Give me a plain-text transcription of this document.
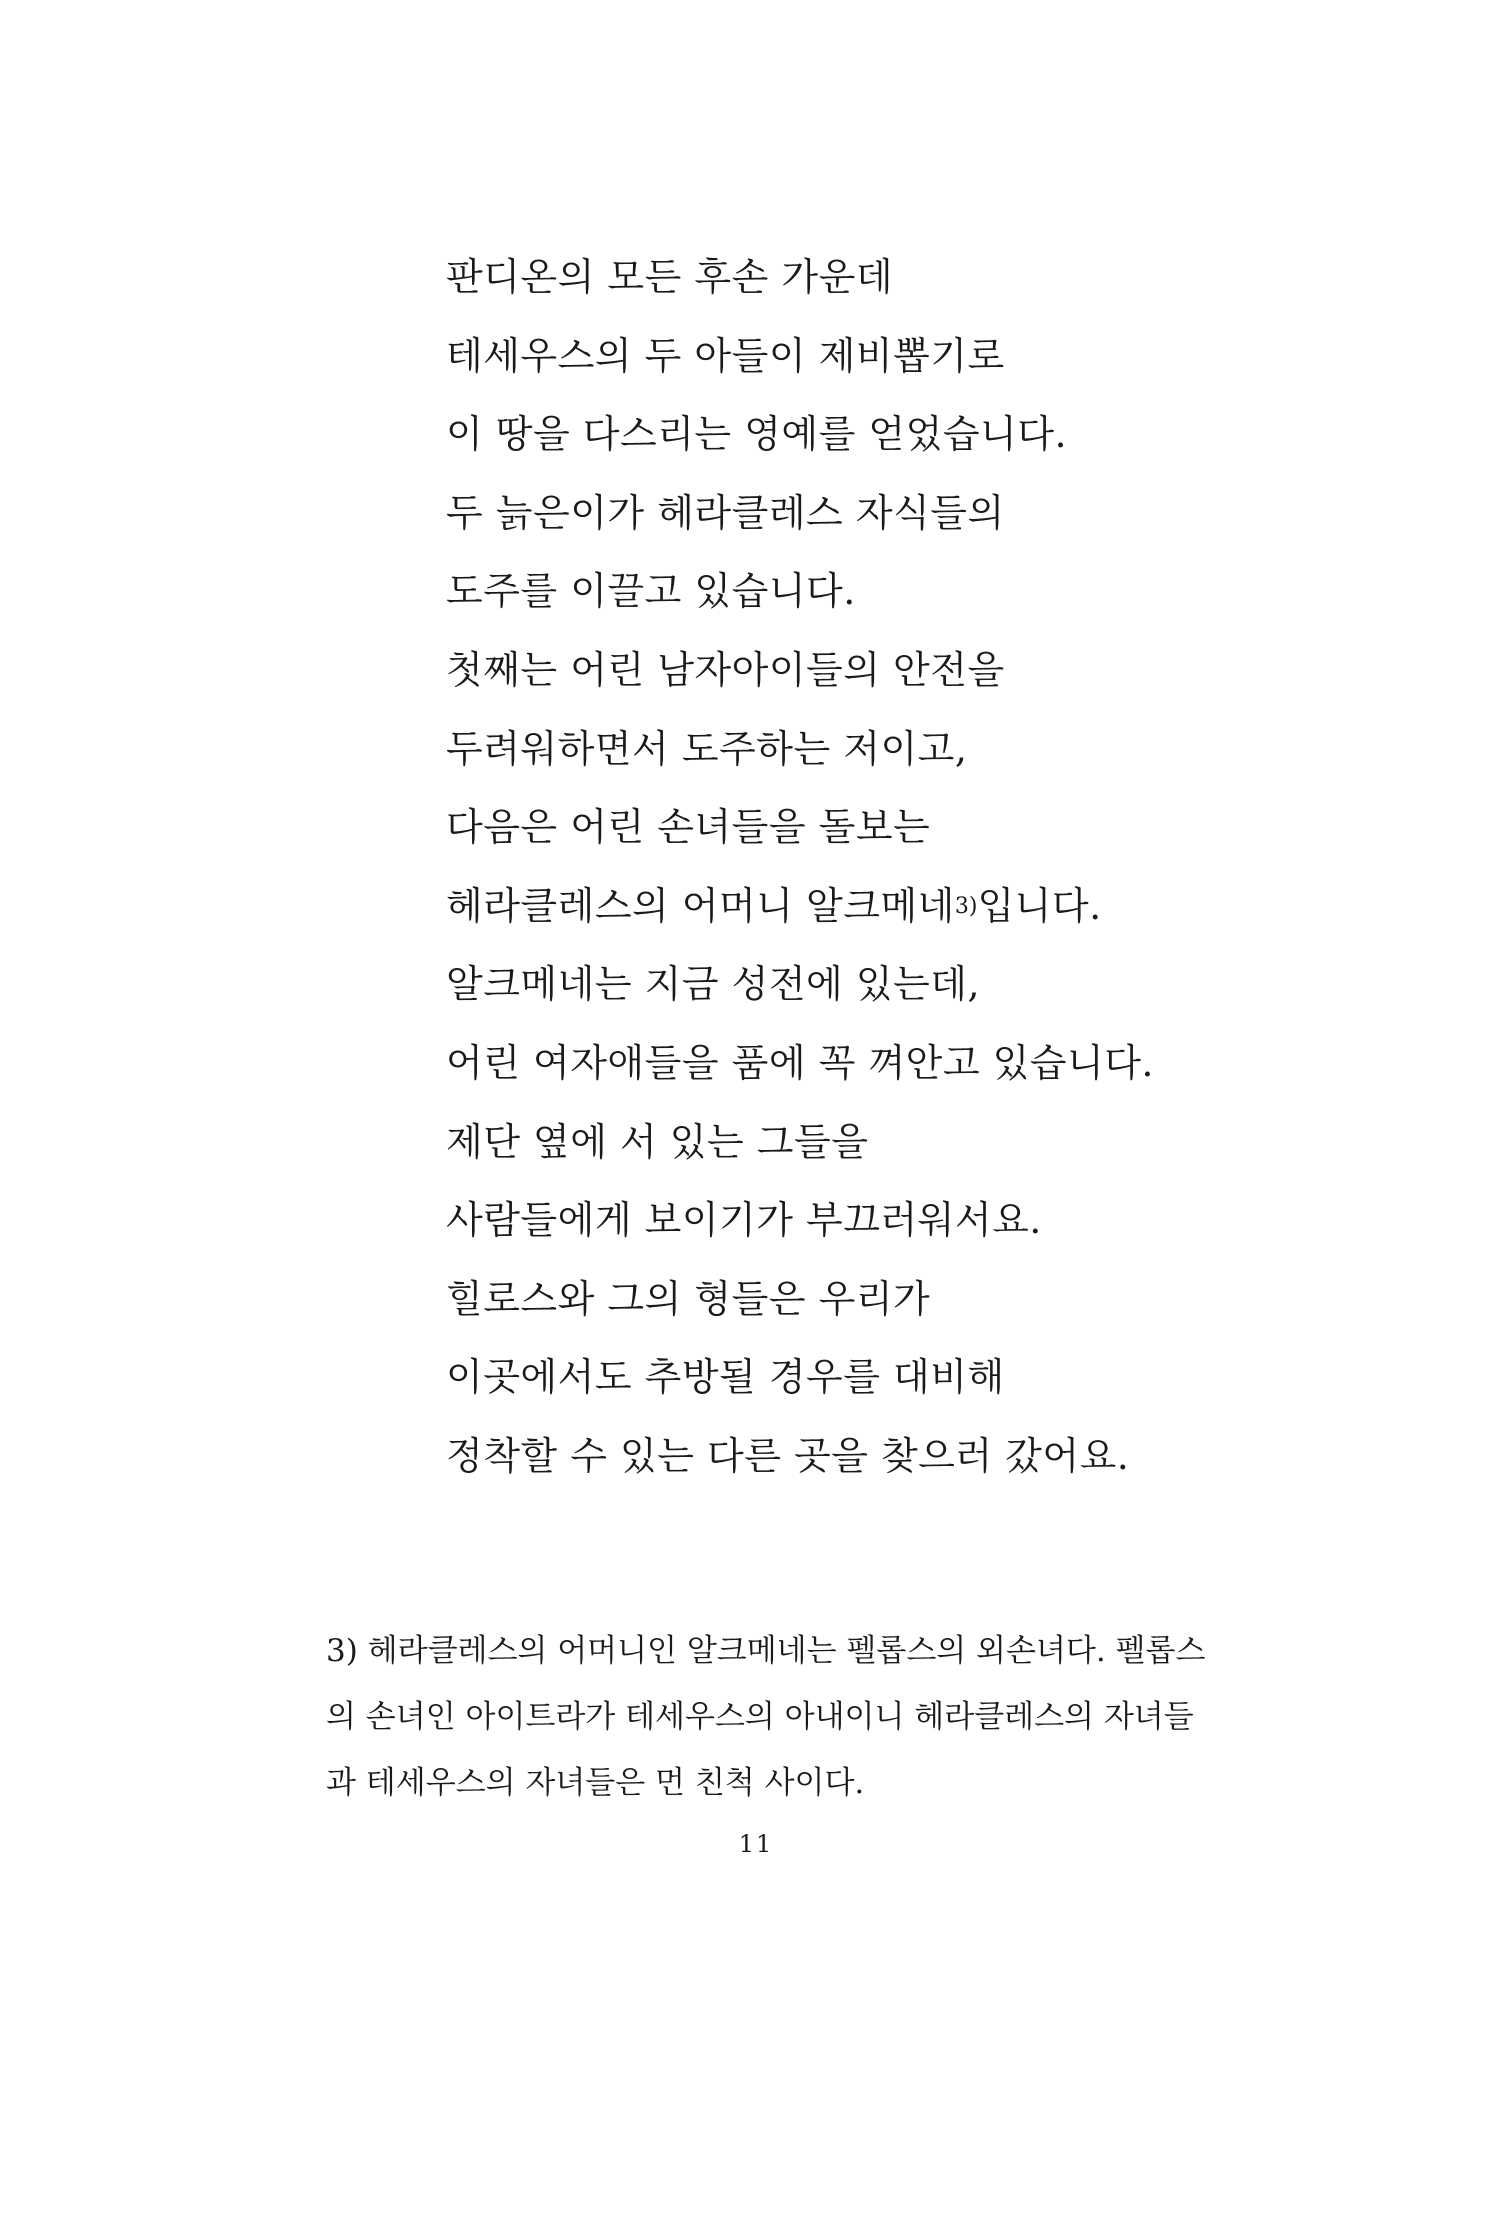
판디온의 모든 후손 가운데
테세우스의 두 아들이 제비뽑기로
이 땅을 다스리는 영예를 얻었습니다.
두 늙은이가 헤라클레스 자식들의
도주를 이끌고 있습니다.
첫째는 어린 남자아이들의 안전을
두려워하면서 도주하는 저이고,
다음은 어린 손녀들을 돌보는
헤라클레스의 어머니 알크메네$^{3)}$입니다.
알크메네는 지금 성전에 있는데,
어린 여자애들을 품에 꼭 껴안고 있습니다.
제단 옆에 서 있는 그들을
사람들에게 보이기가 부끄러워서요.
힐로스와 그의 형들은 우리가
이곳에서도 추방될 경우를 대비해
정착할 수 있는 다른 곳을 찾으러 갔어요.
3) 헤라클레스의 어머니인 알크메네는 펠롭스의 외손녀다. 펠롭스
의 손녀인 아이트라가 테세우스의 아내이니 헤라클레스의 자녀들
과 테세우스의 자녀들은 먼 친척 사이다.
11
